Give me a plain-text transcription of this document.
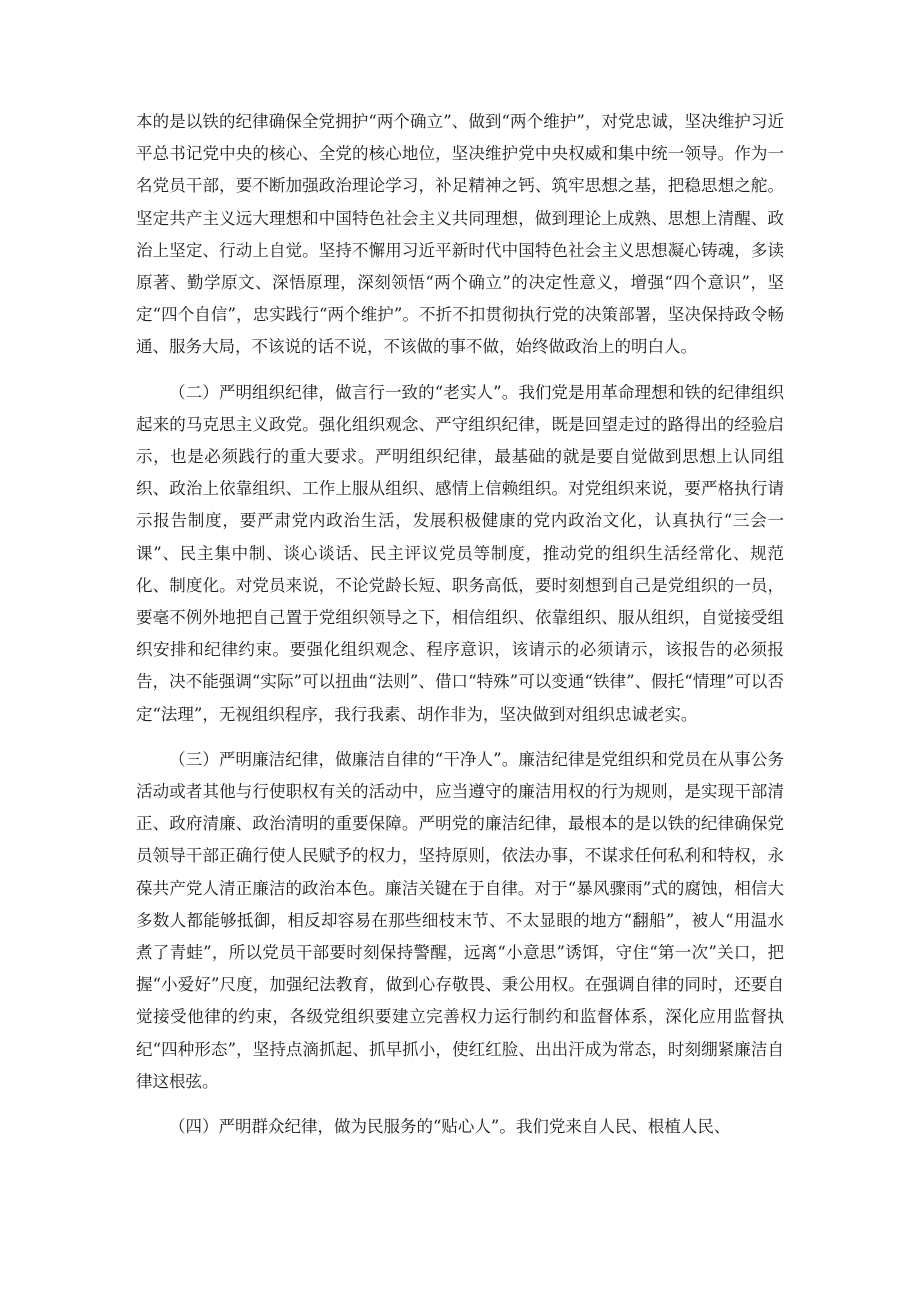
本的是以铁的纪律确保全党拥护“两个确立”、做到“两个维护”，对党忠诚，坚决维护习近平总书记党中央的核心、全党的核心地位，坚决维护党中央权威和集中统一领导。作为一名党员干部，要不断加强政治理论学习，补足精神之钙、筑牢思想之基，把稳思想之舵。坚定共产主义远大理想和中国特色社会主义共同理想，做到理论上成熟、思想上清醒、政治上坚定、行动上自觉。坚持不懈用习近平新时代中国特色社会主义思想凝心铸魂，多读原著、勤学原文、深悟原理，深刻领悟“两个确立”的决定性意义，增强“四个意识”，坚定“四个自信”，忠实践行“两个维护”。不折不扣贯彻执行党的决策部署，坚决保持政令畅通、服务大局，不该说的话不说，不该做的事不做，始终做政治上的明白人。

（二）严明组织纪律，做言行一致的“老实人”。我们党是用革命理想和铁的纪律组织起来的马克思主义政党。强化组织观念、严守组织纪律，既是回望走过的路得出的经验启示，也是必须践行的重大要求。严明组织纪律，最基础的就是要自觉做到思想上认同组织、政治上依靠组织、工作上服从组织、感情上信赖组织。对党组织来说，要严格执行请示报告制度，要严肃党内政治生活，发展积极健康的党内政治文化，认真执行“三会一课”、民主集中制、谈心谈话、民主评议党员等制度，推动党的组织生活经常化、规范化、制度化。对党员来说，不论党龄长短、职务高低，要时刻想到自己是党组织的一员，要毫不例外地把自己置于党组织领导之下，相信组织、依靠组织、服从组织，自觉接受组织安排和纪律约束。要强化组织观念、程序意识，该请示的必须请示，该报告的必须报告，决不能强调“实际”可以扭曲“法则”、借口“特殊”可以变通“铁律”、假托“情理”可以否定“法理”，无视组织程序，我行我素、胡作非为，坚决做到对组织忠诚老实。

（三）严明廉洁纪律，做廉洁自律的“干净人”。廉洁纪律是党组织和党员在从事公务活动或者其他与行使职权有关的活动中，应当遵守的廉洁用权的行为规则，是实现干部清正、政府清廉、政治清明的重要保障。严明党的廉洁纪律，最根本的是以铁的纪律确保党员领导干部正确行使人民赋予的权力，坚持原则，依法办事，不谋求任何私利和特权，永葆共产党人清正廉洁的政治本色。廉洁关键在于自律。对于“暴风骤雨”式的腐蚀，相信大多数人都能够抵御，相反却容易在那些细枝末节、不太显眼的地方“翻船”，被人“用温水煮了青蛙”，所以党员干部要时刻保持警醒，远离“小意思”诱饵，守住“第一次”关口，把握“小爱好”尺度，加强纪法教育，做到心存敬畏、秉公用权。在强调自律的同时，还要自觉接受他律的约束，各级党组织要建立完善权力运行制约和监督体系，深化应用监督执纪“四种形态”，坚持点滴抓起、抓早抓小，使红红脸、出出汗成为常态，时刻绷紧廉洁自律这根弦。

（四）严明群众纪律，做为民服务的“贴心人”。我们党来自人民、根植人民、
